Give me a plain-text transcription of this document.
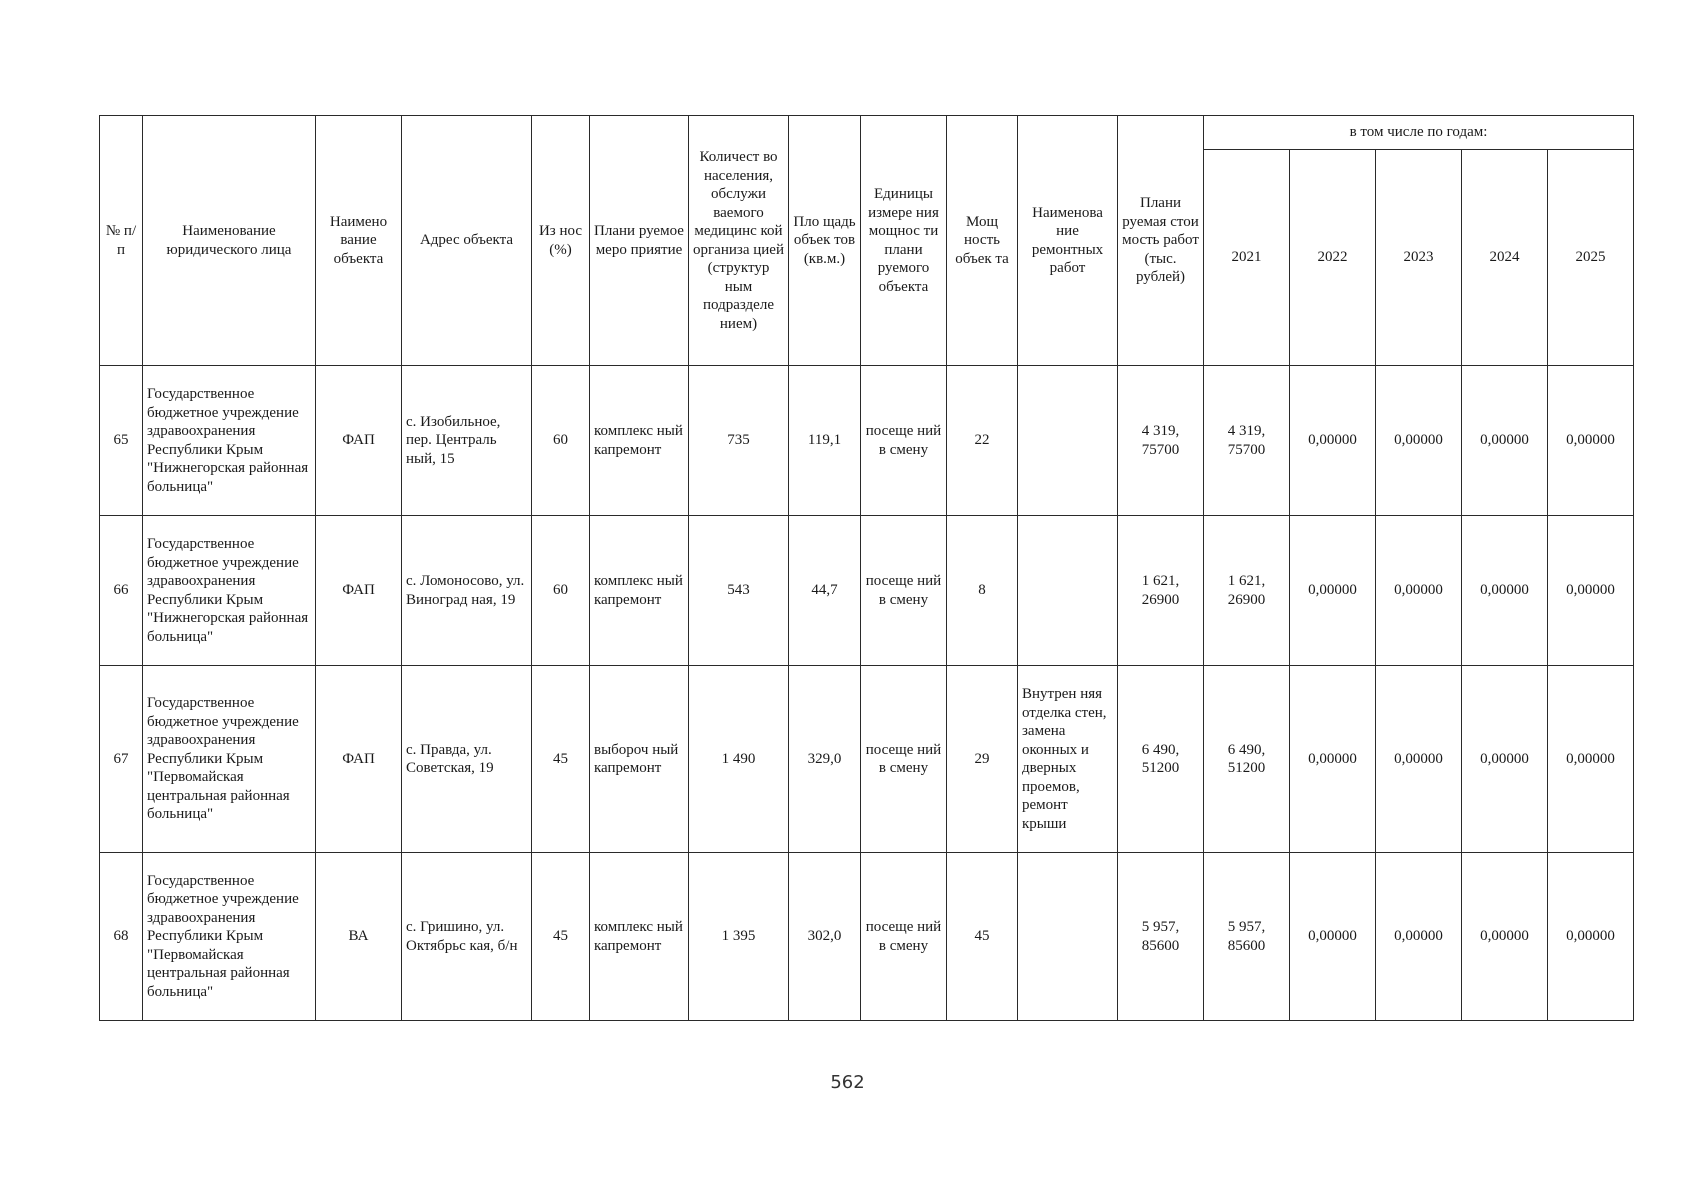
№ п/п	Наименование юридического лица	Наимено вание объекта	Адрес объекта	Из нос (%)	Плани руемое меро приятие	Количест во населения, обслужи ваемого медицинс кой организа цией (структур ным подразделе нием)	Пло щадь объек тов (кв.м.)	Единицы измере ния мощнос ти плани руемого объекта	Мощ ность объек та	Наименова ние ремонтных работ	Плани руемая стои мость работ (тыс. рублей)	в том числе по годам:				
												2021	2022	2023	2024	2025
65	Государственное бюджетное учреждение здравоохранения Республики Крым "Нижнегорская районная больница"	ФАП	с. Изобильное, пер. Централь ный, 15	60	комплекс ный капремонт	735	119,1	посеще ний в смену	22		4 319, 75700	4 319, 75700	0,00000	0,00000	0,00000	0,00000
66	Государственное бюджетное учреждение здравоохранения Республики Крым "Нижнегорская районная больница"	ФАП	с. Ломоносово, ул. Виноград ная, 19	60	комплекс ный капремонт	543	44,7	посеще ний в смену	8		1 621, 26900	1 621, 26900	0,00000	0,00000	0,00000	0,00000
67	Государственное бюджетное учреждение здравоохранения Республики Крым "Первомайская центральная районная больница"	ФАП	с. Правда, ул. Советская, 19	45	выбороч ный капремонт	1 490	329,0	посеще ний в смену	29	Внутрен няя отделка стен, замена оконных и дверных проемов, ремонт крыши	6 490, 51200	6 490, 51200	0,00000	0,00000	0,00000	0,00000
68	Государственное бюджетное учреждение здравоохранения Республики Крым "Первомайская центральная районная больница"	ВА	с. Гришино, ул. Октябрьс кая, б/н	45	комплекс ный капремонт	1 395	302,0	посеще ний в смену	45		5 957, 85600	5 957, 85600	0,00000	0,00000	0,00000	0,00000
562
